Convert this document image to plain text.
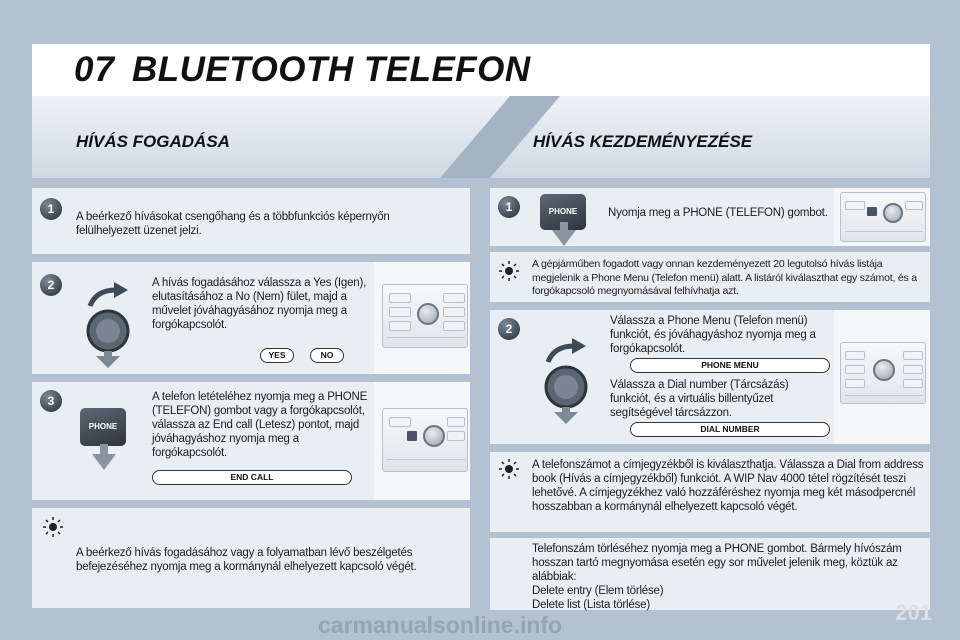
07 BLUETOOTH TELEFON
HÍVÁS FOGADÁSA	HÍVÁS KEZDEMÉNYEZÉSE
1
A beérkező hívásokat csengőhang és a többfunkciós képernyőn felülhelyezett üzenet jelzi.
2	A hívás fogadásához válassza a Yes (Igen), elutasításához a No (Nem) fület, majd a művelet jóváhagyásához nyomja meg a forgókapcsolót.
YES	NO
3
PHONE
A telefon letételéhez nyomja meg a PHONE (TELEFON) gombot vagy a forgókapcsolót, válassza az End call (Letesz) pontot, majd jóváhagyáshoz nyomja meg a forgókapcsolót.
END CALL
A beérkező hívás fogadásához vagy a folyamatban lévő beszélgetés befejezéséhez nyomja meg a kormánynál elhelyezett kapcsoló végét.
1	PHONE	Nyomja meg a PHONE (TELEFON) gombot.
A gépjárműben fogadott vagy onnan kezdeményezett 20 legutolsó hívás listája megjelenik a Phone Menu (Telefon menü) alatt. A listáról kiválaszthat egy számot, és a forgókapcsoló megnyomásával felhívhatja azt.
2
Válassza a Phone Menu (Telefon menü) funkciót, és jóváhagyáshoz nyomja meg a forgókapcsolót.
PHONE MENU
Válassza a Dial number (Tárcsázás) funkciót, és a virtuális billentyűzet segítségével tárcsázzon.
DIAL NUMBER
A telefonszámot a címjegyzékből is kiválaszthatja. Válassza a Dial from address book (Hívás a címjegyzékből) funkciót. A WIP Nav 4000 tétel rögzítését teszi lehetővé. A címjegyzékhez való hozzáféréshez nyomja meg két másodpercnél hosszabban a kormánynál elhelyezett kapcsoló végét.
Telefonszám törléséhez nyomja meg a PHONE gombot. Bármely hívószám hosszan tartó megnyomása esetén egy sor művelet jelenik meg, köztük az alábbiak:
Delete entry (Elem törlése)
Delete list (Lista törlése)	201
carmanualsonline.info
